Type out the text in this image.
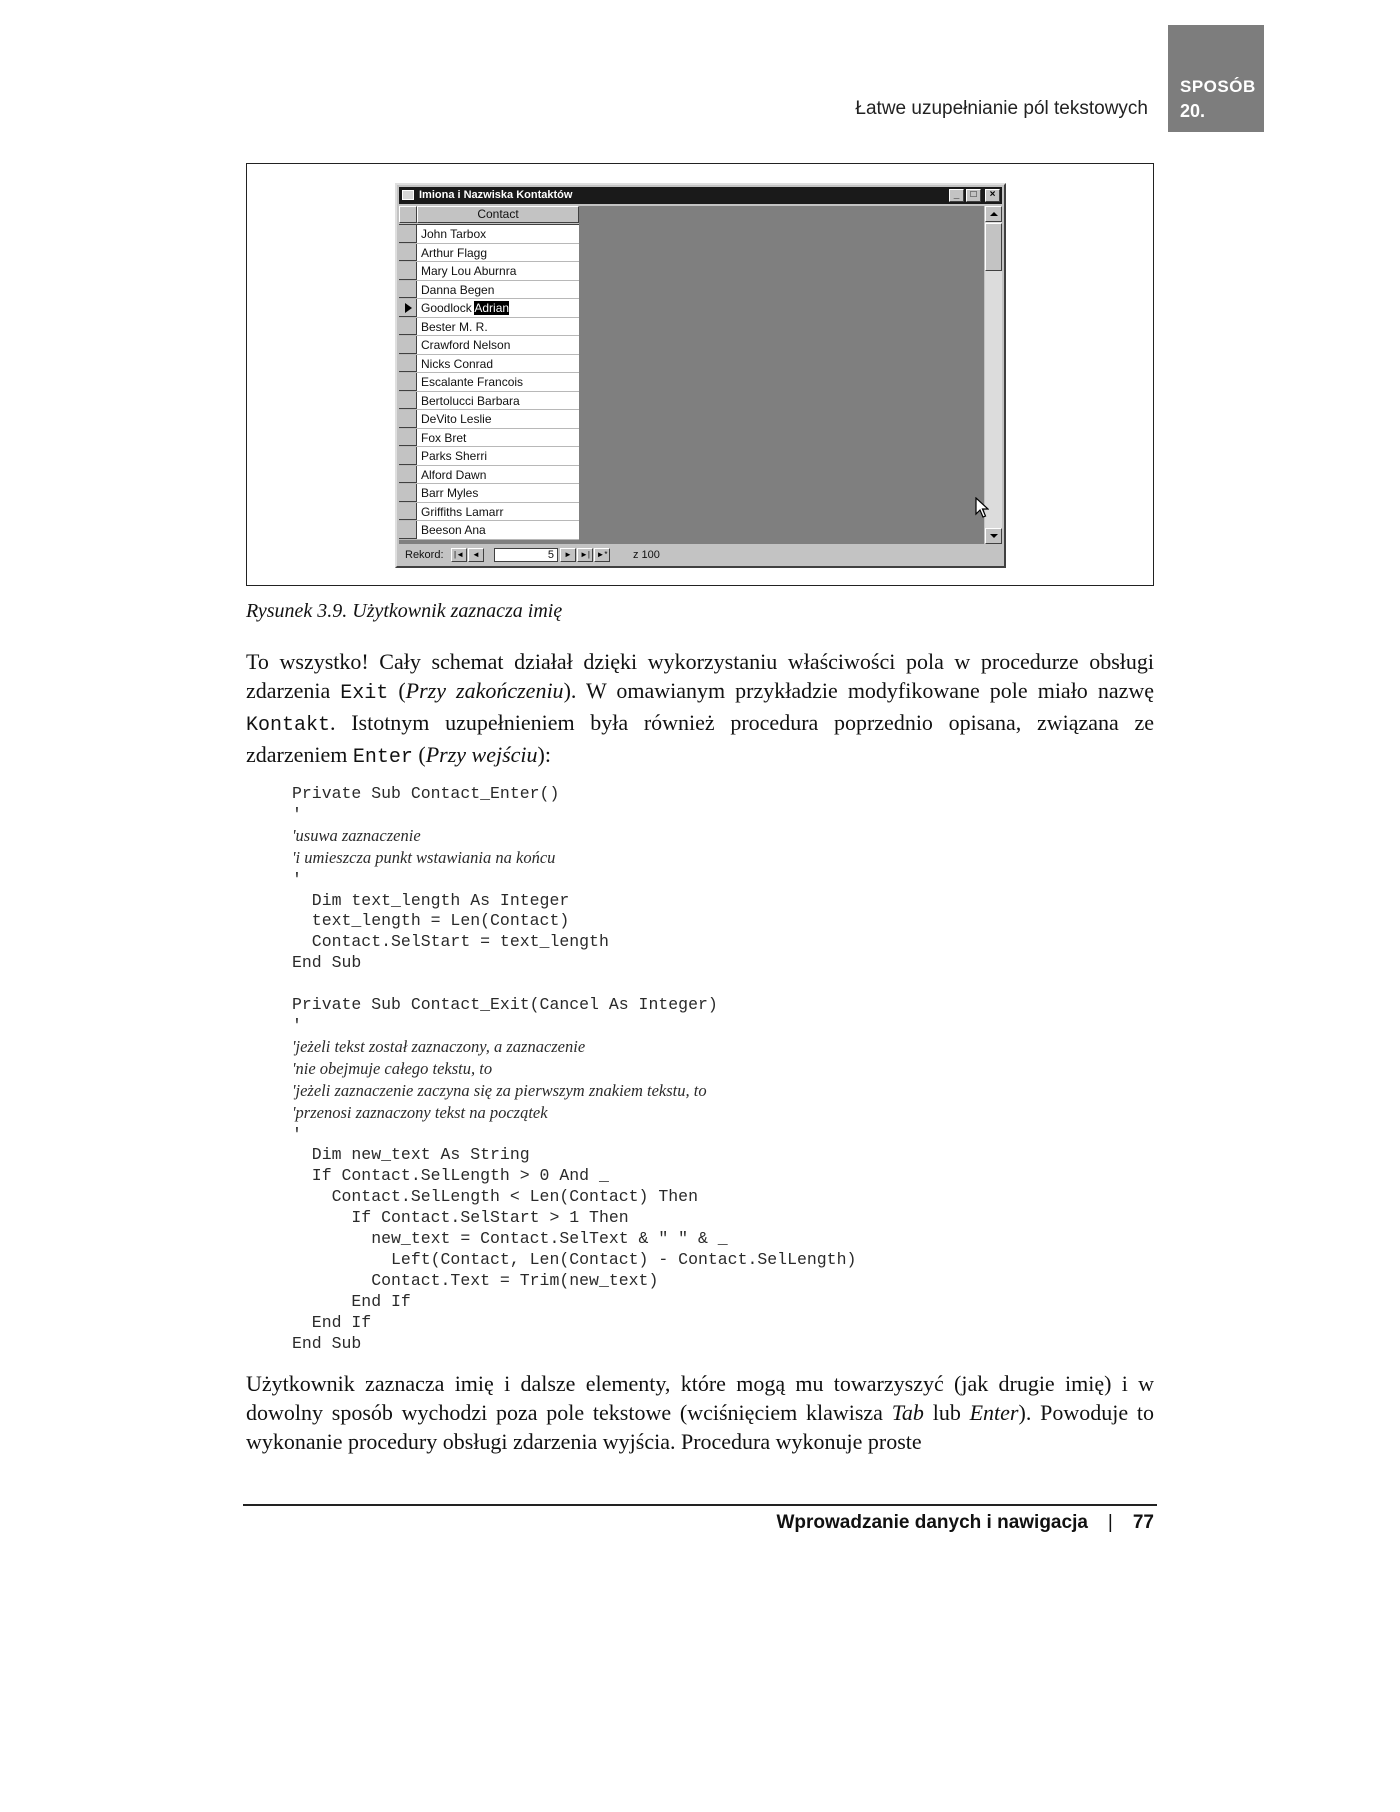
Łatwe uzupełnianie pól tekstowych
SPOSÓB
20.
Imiona i Nazwiska Kontaktów	_	□	×
Contact
John Tarbox
Arthur Flagg
Mary Lou Aburnra
Danna Begen
Goodlock Adrian
Bester M. R.
Crawford Nelson
Nicks Conrad
Escalante Francois
Bertolucci Barbara
DeVito Leslie
Fox Bret
Parks Sherri
Alford Dawn
Barr Myles
Griffiths Lamarr
Beeson Ana
Rekord:	|◄	◄	5	►	►| ►* z 100
Rysunek 3.9. Użytkownik zaznacza imię

To wszystko! Cały schemat działał dzięki wykorzystaniu właściwości pola w procedurze obsługi zdarzenia Exit (Przy zakończeniu). W omawianym przykładzie modyfikowane pole miało nazwę Kontakt. Istotnym uzupełnieniem była również procedura poprzednio opisana, związana ze zdarzeniem Enter (Przy wejściu):

Private Sub Contact_Enter()
'
'usuwa zaznaczenie
'i umieszcza punkt wstawiania na końcu
'
Dim text_length As Integer
text_length = Len(Contact)
Contact.SelStart = text_length
End Sub

Private Sub Contact_Exit(Cancel As Integer)
'
'jeżeli tekst został zaznaczony, a zaznaczenie
'nie obejmuje całego tekstu, to
'jeżeli zaznaczenie zaczyna się za pierwszym znakiem tekstu, to
'przenosi zaznaczony tekst na początek
'
Dim new_text As String
If Contact.SelLength > 0 And _
Contact.SelLength < Len(Contact) Then
If Contact.SelStart > 1 Then
new_text = Contact.SelText & " " & _
Left(Contact, Len(Contact) - Contact.SelLength)
Contact.Text = Trim(new_text)
End If
End If
End Sub

Użytkownik zaznacza imię i dalsze elementy, które mogą mu towarzyszyć (jak drugie imię) i w dowolny sposób wychodzi poza pole tekstowe (wciśnięciem klawisza Tab lub Enter). Powoduje to wykonanie procedury obsługi zdarzenia wyjścia. Procedura wykonuje proste

Wprowadzanie danych i nawigacja | 77
